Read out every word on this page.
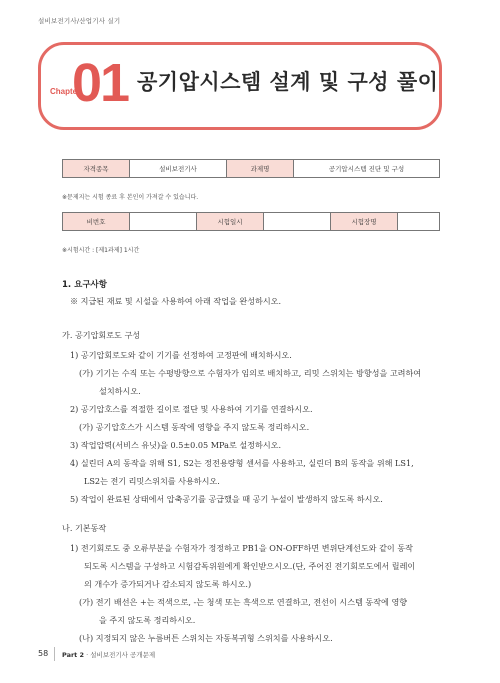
설비보전기사/산업기사 실기
Chapter
01 공기압시스템 설계 및 구성 풀이
자격종목	설비보전기사	과제명	공기압시스템 진단 및 구성
※문제지는 시험 종료 후 본인이 가져갈 수 있습니다.
비번호		시험일시		시험장명	
※시험시간 : [제1과제] 1시간
1. 요구사항
※ 지급된 재료 및 시설을 사용하여 아래 작업을 완성하시오.
가. 공기압회로도 구성
1) 공기압회로도와 같이 기기를 선정하여 고정판에 배치하시오.
(가) 기기는 수직 또는 수평방향으로 수험자가 임의로 배치하고, 리밋 스위치는 방향성을 고려하여
설치하시오.
2) 공기압호스를 적절한 길이로 절단 및 사용하여 기기를 연결하시오.
(가) 공기압호스가 시스템 동작에 영향을 주지 않도록 정리하시오.
3) 작업압력(서비스 유닛)을 0.5±0.05 MPa로 설정하시오.
4) 실린더 A의 동작을 위해 S1, S2는 정전용량형 센서를 사용하고, 실린더 B의 동작을 위해 LS1,
LS2는 전기 리밋스위치를 사용하시오.
5) 작업이 완료된 상태에서 압축공기를 공급했을 때 공기 누설이 발생하지 않도록 하시오.
나. 기본동작
1) 전기회로도 중 오류부분을 수험자가 정정하고 PB1을 ON-OFF하면 변위단계선도와 같이 동작
되도록 시스템을 구성하고 시험감독위원에게 확인받으시오.(단, 주어진 전기회로도에서 릴레이
의 개수가 증가되거나 감소되지 않도록 하시오.)
(가) 전기 배선은 +는 적색으로, -는 청색 또는 흑색으로 연결하고, 전선이 시스템 동작에 영향
을 주지 않도록 정리하시오.
(나) 지정되지 않은 누름버튼 스위치는 자동복귀형 스위치를 사용하시오.
58 Part 2 · 설비보전기사 공개문제
